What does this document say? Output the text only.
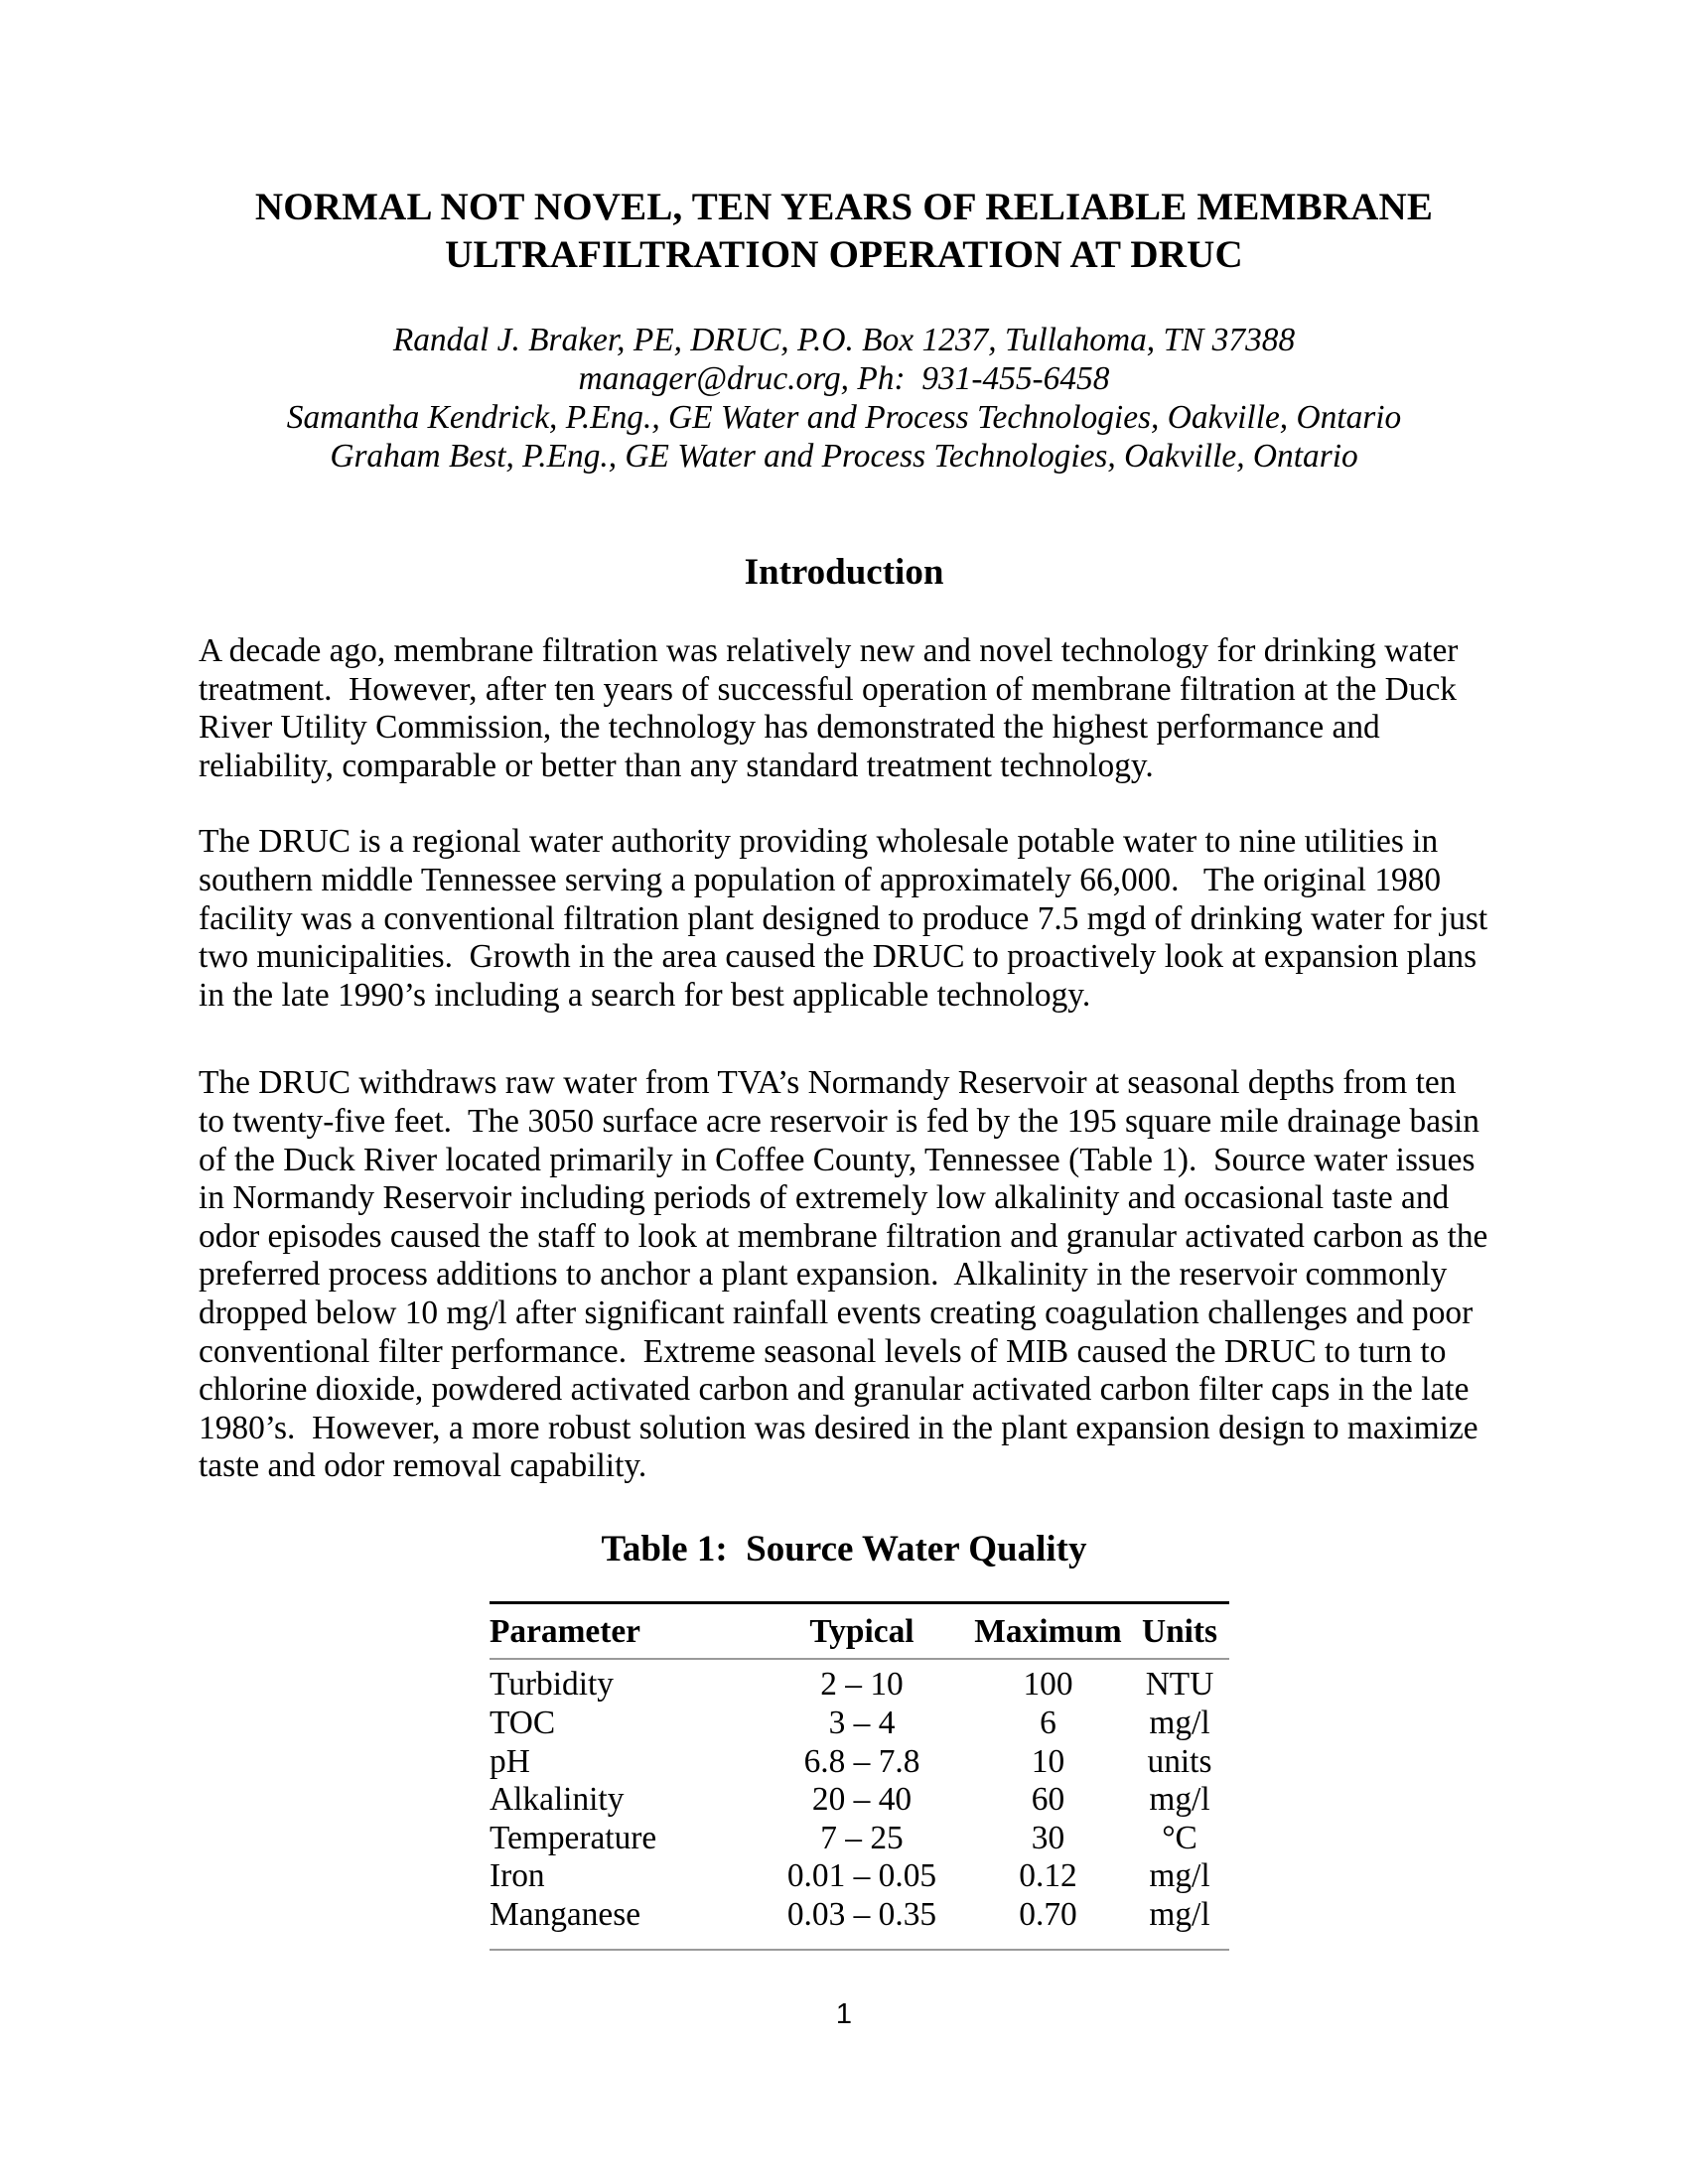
NORMAL NOT NOVEL, TEN YEARS OF RELIABLE MEMBRANE
ULTRAFILTRATION OPERATION AT DRUC

Randal J. Braker, PE, DRUC, P.O. Box 1237, Tullahoma, TN 37388

manager@druc.org, Ph:  931-455-6458

Samantha Kendrick, P.Eng., GE Water and Process Technologies, Oakville, Ontario

Graham Best, P.Eng., GE Water and Process Technologies, Oakville, Ontario

Introduction

A decade ago, membrane filtration was relatively new and novel technology for drinking water treatment.  However, after ten years of successful operation of membrane filtration at the Duck River Utility Commission, the technology has demonstrated the highest performance and reliability, comparable or better than any standard treatment technology.

The DRUC is a regional water authority providing wholesale potable water to nine utilities in southern middle Tennessee serving a population of approximately 66,000.   The original 1980 facility was a conventional filtration plant designed to produce 7.5 mgd of drinking water for just two municipalities.  Growth in the area caused the DRUC to proactively look at expansion plans in the late 1990’s including a search for best applicable technology.

The DRUC withdraws raw water from TVA’s Normandy Reservoir at seasonal depths from ten to twenty-five feet.  The 3050 surface acre reservoir is fed by the 195 square mile drainage basin of the Duck River located primarily in Coffee County, Tennessee (Table 1).  Source water issues in Normandy Reservoir including periods of extremely low alkalinity and occasional taste and odor episodes caused the staff to look at membrane filtration and granular activated carbon as the preferred process additions to anchor a plant expansion.  Alkalinity in the reservoir commonly dropped below 10 mg/l after significant rainfall events creating coagulation challenges and poor conventional filter performance.  Extreme seasonal levels of MIB caused the DRUC to turn to chlorine dioxide, powdered activated carbon and granular activated carbon filter caps in the late 1980’s.  However, a more robust solution was desired in the plant expansion design to maximize taste and odor removal capability.

Table 1:  Source Water Quality
Parameter	Typical	Maximum	Units
Turbidity	2 – 10	100	NTU
TOC	3 – 4	6	mg/l
pH	6.8 – 7.8	10	units
Alkalinity	20 – 40	60	mg/l
Temperature	7 – 25	30	°C
Iron	0.01 – 0.05	0.12	mg/l
Manganese	0.03 – 0.35	0.70	mg/l
1
